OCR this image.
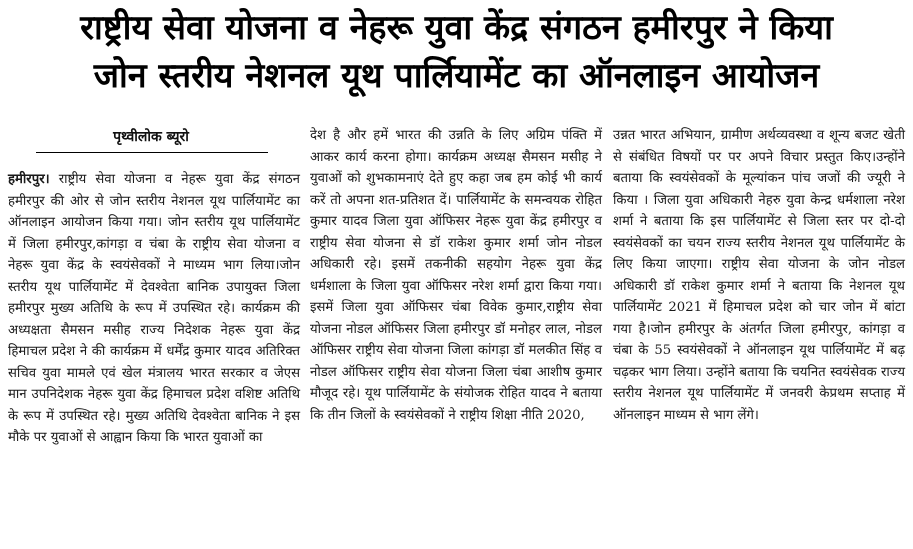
राष्ट्रीय सेवा योजना व नेहरू युवा केंद्र संगठन हमीरपुर ने किया
जोन स्तरीय नेशनल यूथ पार्लियामेंट का ऑनलाइन आयोजन
पृथ्वीलोक ब्यूरो

हमीरपुर। राष्ट्रीय सेवा योजना व नेहरू युवा केंद्र संगठन हमीरपुर की ओर से जोन स्तरीय नेशनल यूथ पार्लियामेंट का ऑनलाइन आयोजन किया गया। जोन स्तरीय यूथ पार्लियामेंट में जिला हमीरपुर,कांगड़ा व चंबा के राष्ट्रीय सेवा योजना व नेहरू युवा केंद्र के स्वयंसेवकों ने माध्यम भाग लिया।जोन स्तरीय यूथ पार्लियामेंट में देवश्वेता बानिक उपायुक्त जिला हमीरपुर मुख्य अतिथि के रूप में उपस्थित रहे। कार्यक्रम की अध्यक्षता सैमसन मसीह राज्य निदेशक नेहरू युवा केंद्र हिमाचल प्रदेश ने की कार्यक्रम में धर्मेंद्र कुमार यादव अतिरिक्त सचिव युवा मामले एवं खेल मंत्रालय भारत सरकार व जेएस मान उपनिदेशक नेहरू युवा केंद्र हिमाचल प्रदेश वशिष्ट अतिथि के रूप में उपस्थित रहे। मुख्य अतिथि देवश्वेता बानिक ने इस मौके पर युवाओं से आह्वान किया कि भारत युवाओं का

देश है और हमें भारत की उन्नति के लिए अग्रिम पंक्ति में आकर कार्य करना होगा। कार्यक्रम अध्यक्ष सैमसन मसीह ने युवाओं को शुभकामनाएं देते हुए कहा जब हम कोई भी कार्य करें तो अपना शत-प्रतिशत दें। पार्लियामेंट के समन्वयक रोहित कुमार यादव जिला युवा ऑफिसर नेहरू युवा केंद्र हमीरपुर व राष्ट्रीय सेवा योजना से डॉ राकेश कुमार शर्मा जोन नोडल अधिकारी रहे। इसमें तकनीकी सहयोग नेहरू युवा केंद्र धर्मशाला के जिला युवा ऑफिसर नरेश शर्मा द्वारा किया गया। इसमें जिला युवा ऑफिसर चंबा विवेक कुमार,राष्ट्रीय सेवा योजना नोडल ऑफिसर जिला हमीरपुर डॉ मनोहर लाल, नोडल ऑफिसर राष्ट्रीय सेवा योजना जिला कांगड़ा डॉ मलकीत सिंह व नोडल ऑफिसर राष्ट्रीय सेवा योजना जिला चंबा आशीष कुमार मौजूद रहे। यूथ पार्लियामेंट के संयोजक रोहित यादव ने बताया कि तीन जिलों के स्वयंसेवकों ने राष्ट्रीय शिक्षा नीति 2020,

उन्नत भारत अभियान, ग्रामीण अर्थव्यवस्था व शून्य बजट खेती से संबंधित विषयों पर पर अपने विचार प्रस्तुत किए।उन्होंने बताया कि स्वयंसेवकों के मूल्यांकन पांच जजों की ज्यूरी ने किया । जिला युवा अधिकारी नेहरु युवा केन्द्र धर्मशाला नरेश शर्मा ने बताया कि इस पार्लियामेंट से जिला स्तर पर दो-दो स्वयंसेवकों का चयन राज्य स्तरीय नेशनल यूथ पार्लियामेंट के लिए किया जाएगा। राष्ट्रीय सेवा योजना के जोन नोडल अधिकारी डॉ राकेश कुमार शर्मा ने बताया कि नेशनल यूथ पार्लियामेंट 2021 में हिमाचल प्रदेश को चार जोन में बांटा गया है।जोन हमीरपुर के अंतर्गत जिला हमीरपुर, कांगड़ा व चंबा के 55 स्वयंसेवकों ने ऑनलाइन यूथ पार्लियामेंट में बढ़ चढ़कर भाग लिया। उन्होंने बताया कि चयनित स्वयंसेवक राज्य स्तरीय नेशनल यूथ पार्लियामेंट में जनवरी केप्रथम सप्ताह में ऑनलाइन माध्यम से भाग लेंगे।
